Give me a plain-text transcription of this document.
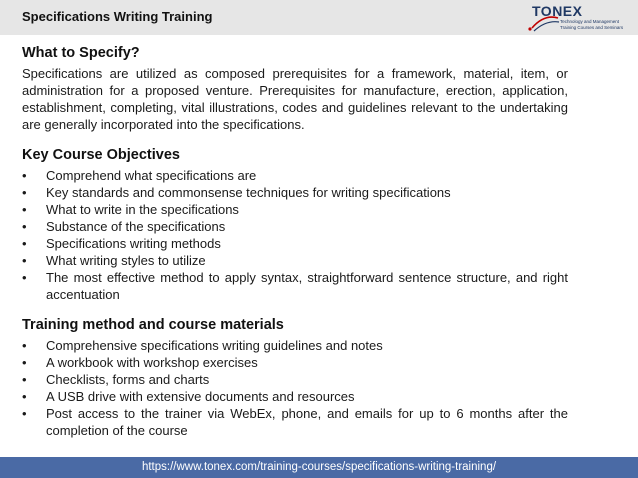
Specifications Writing Training	TONEX
Technology and Management
Training Courses and Seminars
What to Specify?

Specifications are utilized as composed prerequisites for a framework, material, item, or administration for a proposed venture. Prerequisites for manufacture, erection, application, establishment, completing, vital illustrations, codes and guidelines relevant to the undertaking are generally incorporated into the specifications.

Key Course Objectives
• Comprehend what specifications are
• Key standards and commonsense techniques for writing specifications
• What to write in the specifications
• Substance of the specifications
• Specifications writing methods
• What writing styles to utilize
• The most effective method to apply syntax, straightforward sentence structure, and right accentuation
Training method and course materials
• Comprehensive specifications writing guidelines and notes
• A workbook with workshop exercises
• Checklists, forms and charts
• A USB drive with extensive documents and resources
• Post access to the trainer via WebEx, phone, and emails for up to 6 months after the completion of the course
https://www.tonex.com/training-courses/specifications-writing-training/
